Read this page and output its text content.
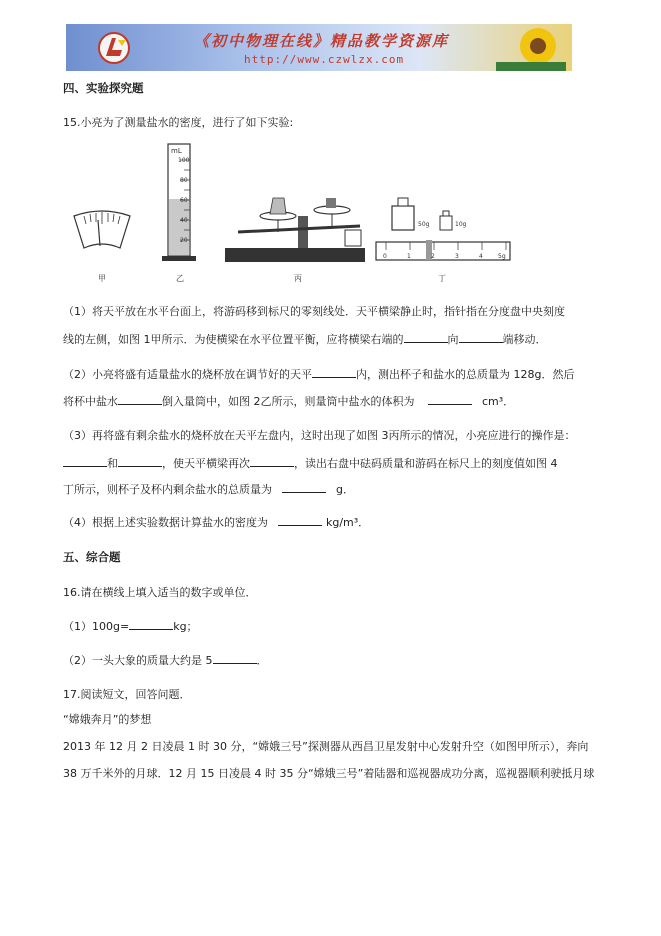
《初中物理在线》精品教学资源库
http://www.czwlzx.com
四、实验探究题
15.小亮为了测量盐水的密度，进行了如下实验:
mL
100
80
60
40
20
50g	10g
0	1	2	3	4	5g
甲	乙	丙	丁
（1）将天平放在水平台面上，将游码移到标尺的零刻线处．天平横梁静止时，指针指在分度盘中央刻度
线的左侧，如图 1甲所示．为使横梁在水平位置平衡，应将横梁右端的	向	端移动．
（2）小亮将盛有适量盐水的烧杯放在调节好的天平	内，测出杯子和盐水的总质量为 128g．然后
将杯中盐水	倒入量筒中，如图 2乙所示，则量筒中盐水的体积为	cm³．
（3）再将盛有剩余盐水的烧杯放在天平左盘内，这时出现了如图 3丙所示的情况，小亮应进行的操作是：
和	，使天平横梁再次	，读出右盘中砝码质量和游码在标尺上的刻度值如图 4
丁所示，则杯子及杯内剩余盐水的总质量为	g．
（4）根据上述实验数据计算盐水的密度为	kg/m³．
五、综合题
16.请在横线上填入适当的数字或单位．
（1）100g=	kg；
（2）一头大象的质量大约是 5	．
17.阅读短文，回答问题．
“嫦娥奔月”的梦想
2013 年 12 月 2 日凌晨 1 时 30 分，“嫦娥三号”探测器从西昌卫星发射中心发射升空（如图甲所示），奔向
38 万千米外的月球．12 月 15 日凌晨 4 时 35 分“嫦娥三号”着陆器和巡视器成功分离，巡视器顺利驶抵月球
